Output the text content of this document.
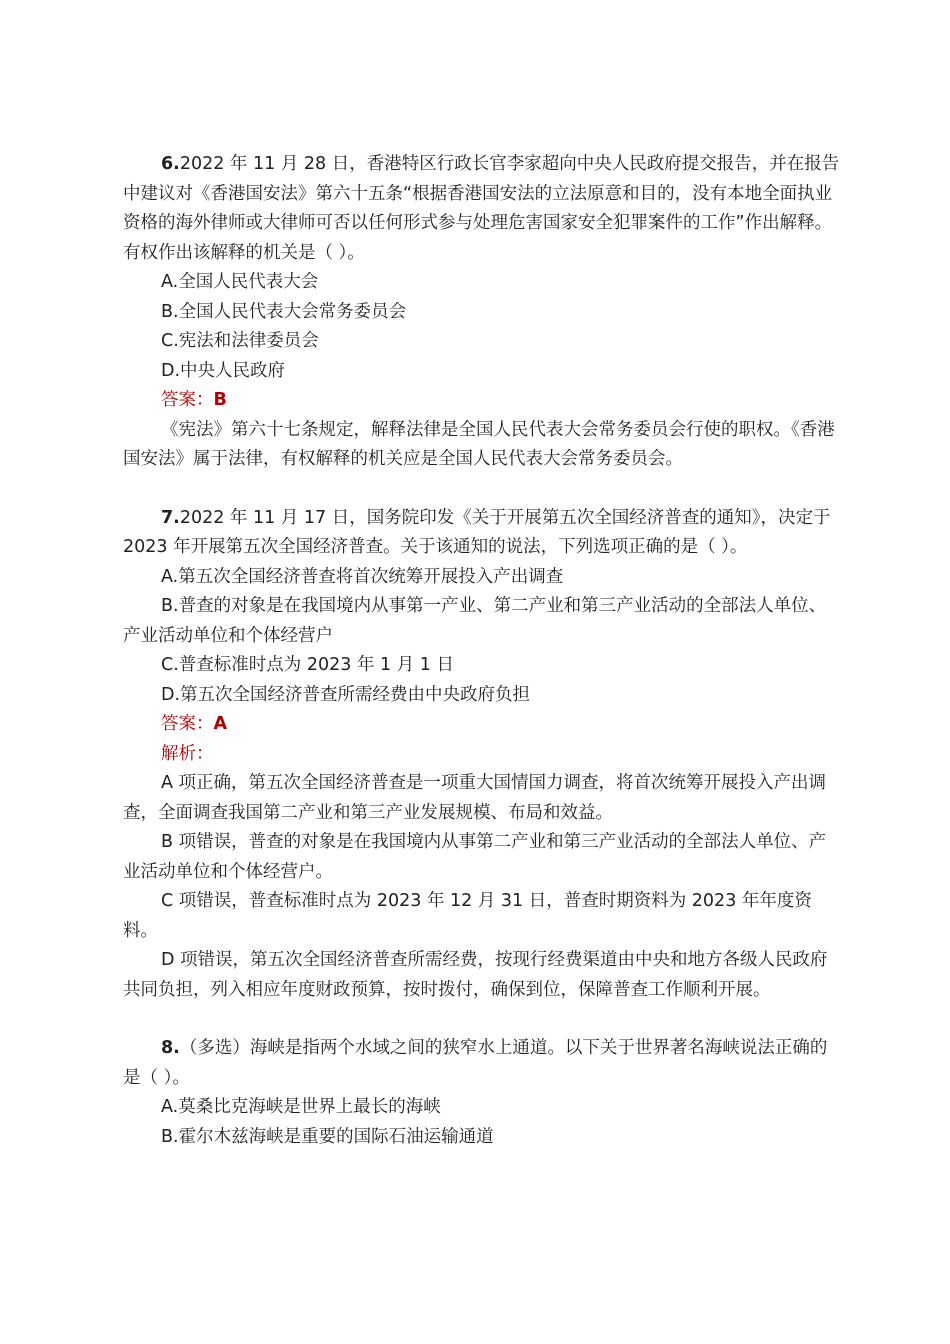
6.2022 年 11 月 28 日，香港特区行政长官李家超向中央人民政府提交报告，并在报告中建议对《香港国安法》第六十五条“根据香港国安法的立法原意和目的，没有本地全面执业资格的海外律师或大律师可否以任何形式参与处理危害国家安全犯罪案件的工作”作出解释。有权作出该解释的机关是（ ）。

A.全国人民代表大会

B.全国人民代表大会常务委员会

C.宪法和法律委员会

D.中央人民政府

答案：B

《宪法》第六十七条规定，解释法律是全国人民代表大会常务委员会行使的职权。《香港国安法》属于法律，有权解释的机关应是全国人民代表大会常务委员会。

7.2022 年 11 月 17 日，国务院印发《关于开展第五次全国经济普查的通知》，决定于 2023 年开展第五次全国经济普查。关于该通知的说法，下列选项正确的是（ ）。

A.第五次全国经济普查将首次统筹开展投入产出调查

B.普查的对象是在我国境内从事第一产业、第二产业和第三产业活动的全部法人单位、产业活动单位和个体经营户

C.普查标准时点为 2023 年 1 月 1 日

D.第五次全国经济普查所需经费由中央政府负担

答案：A

解析：

A 项正确，第五次全国经济普查是一项重大国情国力调查，将首次统筹开展投入产出调查，全面调查我国第二产业和第三产业发展规模、布局和效益。

B 项错误，普查的对象是在我国境内从事第二产业和第三产业活动的全部法人单位、产业活动单位和个体经营户。

C 项错误，普查标准时点为 2023 年 12 月 31 日，普查时期资料为 2023 年年度资料。

D 项错误，第五次全国经济普查所需经费，按现行经费渠道由中央和地方各级人民政府共同负担，列入相应年度财政预算，按时拨付，确保到位，保障普查工作顺利开展。

8.（多选）海峡是指两个水域之间的狭窄水上通道。以下关于世界著名海峡说法正确的是（ ）。

A.莫桑比克海峡是世界上最长的海峡

B.霍尔木兹海峡是重要的国际石油运输通道
